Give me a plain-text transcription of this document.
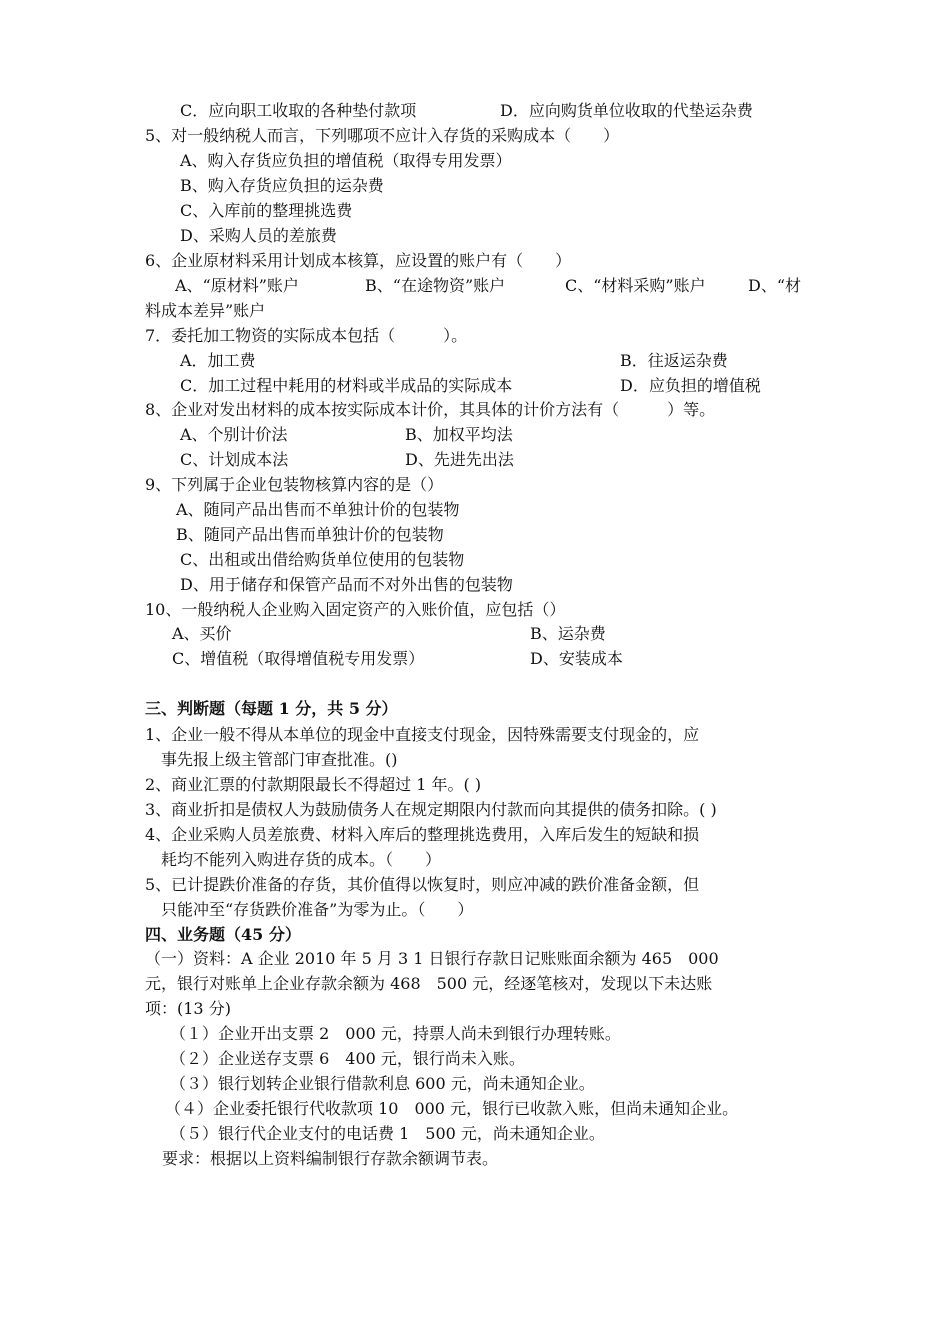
C．应向职工收取的各种垫付款项	D．应向购货单位收取的代垫运杂费
5、对一般纳税人而言，下列哪项不应计入存货的采购成本（　　）
A、购入存货应负担的增值税（取得专用发票）
B、购入存货应负担的运杂费
C、入库前的整理挑选费
D、采购人员的差旅费
6、企业原材料采用计划成本核算，应设置的账户有（　　）
A、“原材料”账户	B、“在途物资”账户	C、“材料采购”账户	D、“材
料成本差异”账户
7．委托加工物资的实际成本包括（　　　）。
A．加工费	B．往返运杂费
C．加工过程中耗用的材料或半成品的实际成本	D．应负担的增值税
8、企业对发出材料的成本按实际成本计价，其具体的计价方法有（　　　）等。
A、个别计价法	B、加权平均法
C、计划成本法	D、先进先出法
9、下列属于企业包装物核算内容的是（）
A、随同产品出售而不单独计价的包装物
B、随同产品出售而单独计价的包装物
C、出租或出借给购货单位使用的包装物
D、用于储存和保管产品而不对外出售的包装物
10、一般纳税人企业购入固定资产的入账价值，应包括（）
A、买价	B、运杂费
C、增值税（取得增值税专用发票）	D、安装成本
三、判断题（每题 1 分，共 5 分）
1、企业一般不得从本单位的现金中直接支付现金，因特殊需要支付现金的，应
　事先报上级主管部门审查批准。()
2、商业汇票的付款期限最长不得超过 1 年。( )
3、商业折扣是债权人为鼓励债务人在规定期限内付款而向其提供的债务扣除。( )
4、企业采购人员差旅费、材料入库后的整理挑选费用，入库后发生的短缺和损
　耗均不能列入购进存货的成本。（　　）
5、已计提跌价准备的存货，其价值得以恢复时，则应冲减的跌价准备金额，但
　只能冲至“存货跌价准备”为零为止。（　　）
四、业务题（45 分）
（一）资料：A 企业 2010 年 5 月 3 1 日银行存款日记账账面余额为 465　000
元，银行对账单上企业存款余额为 468　500 元，经逐笔核对，发现以下未达账
项：(13 分)
（１）企业开出支票 2　000 元，持票人尚未到银行办理转账。
（２）企业送存支票 6　400 元，银行尚未入账。
（３）银行划转企业银行借款利息 600 元，尚未通知企业。
（４）企业委托银行代收款项 10　000 元，银行已收款入账，但尚未通知企业。
（５）银行代企业支付的电话费 1　500 元，尚未通知企业。
要求：根据以上资料编制银行存款余额调节表。
